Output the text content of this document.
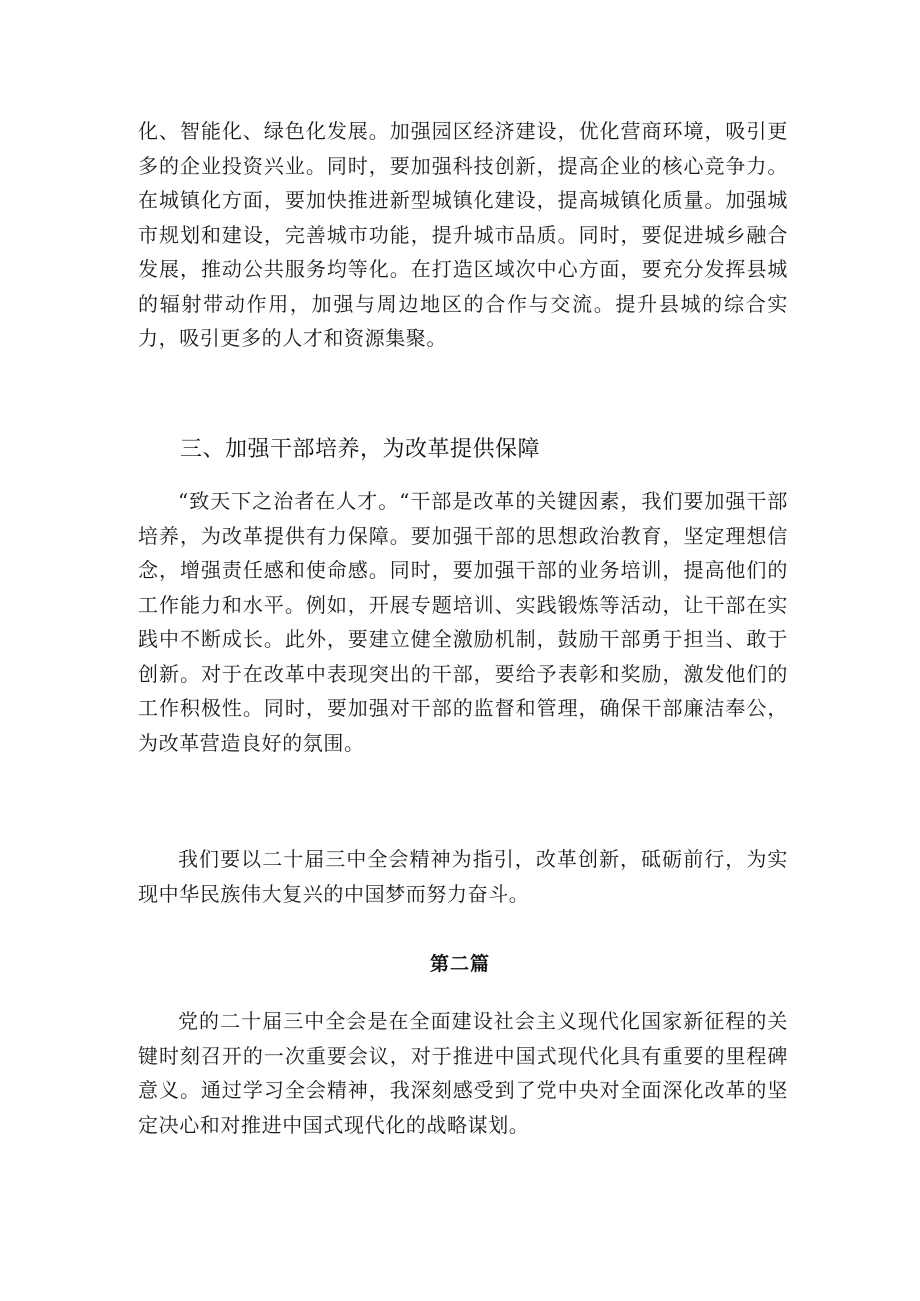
化、智能化、绿色化发展。加强园区经济建设，优化营商环境，吸引更多的企业投资兴业。同时，要加强科技创新，提高企业的核心竞争力。在城镇化方面，要加快推进新型城镇化建设，提高城镇化质量。加强城市规划和建设，完善城市功能，提升城市品质。同时，要促进城乡融合发展，推动公共服务均等化。在打造区域次中心方面，要充分发挥县城的辐射带动作用，加强与周边地区的合作与交流。提升县城的综合实力，吸引更多的人才和资源集聚。

三、加强干部培养，为改革提供保障

“致天下之治者在人才。“干部是改革的关键因素，我们要加强干部培养，为改革提供有力保障。要加强干部的思想政治教育，坚定理想信念，增强责任感和使命感。同时，要加强干部的业务培训，提高他们的工作能力和水平。例如，开展专题培训、实践锻炼等活动，让干部在实践中不断成长。此外，要建立健全激励机制，鼓励干部勇于担当、敢于创新。对于在改革中表现突出的干部，要给予表彰和奖励，激发他们的工作积极性。同时，要加强对干部的监督和管理，确保干部廉洁奉公，为改革营造良好的氛围。

我们要以二十届三中全会精神为指引，改革创新，砥砺前行，为实现中华民族伟大复兴的中国梦而努力奋斗。

第二篇

党的二十届三中全会是在全面建设社会主义现代化国家新征程的关键时刻召开的一次重要会议，对于推进中国式现代化具有重要的里程碑意义。通过学习全会精神，我深刻感受到了党中央对全面深化改革的坚定决心和对推进中国式现代化的战略谋划。
